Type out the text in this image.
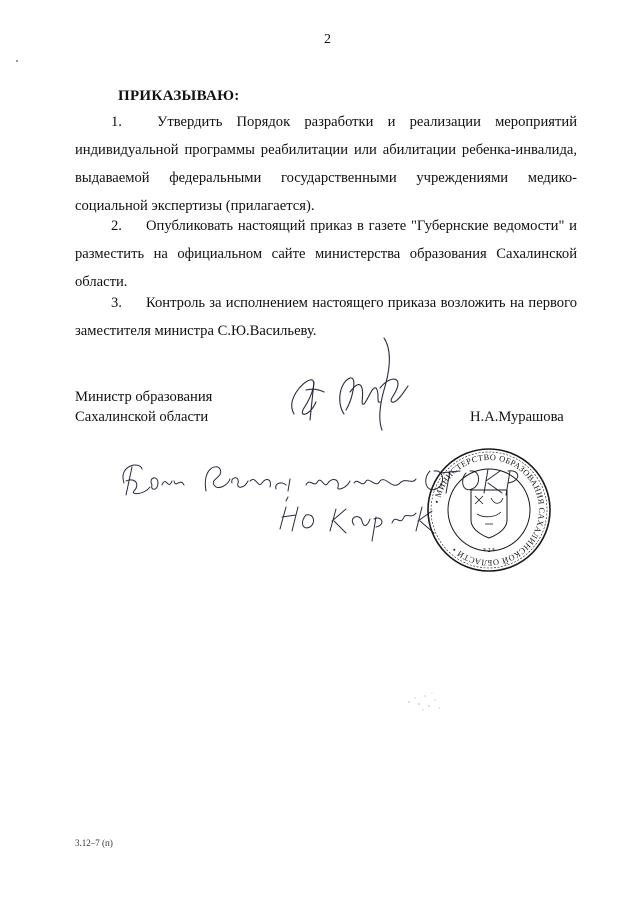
2
ПРИКАЗЫВАЮ:
1. Утвердить Порядок разработки и реализации мероприятий индивидуальной программы реабилитации или абилитации ребенка-инвалида, выдаваемой федеральными государственными учреждениями медико-социальной экспертизы (прилагается).
2. Опубликовать настоящий приказ в газете "Губернские ведомости" и разместить на официальном сайте министерства образования Сахалинской области.
3. Контроль за исполнением настоящего приказа возложить на первого заместителя министра С.Ю.Васильеву.
Министр образования
Сахалинской области	Н.А.Мурашова
• МИНИСТЕРСТВО ОБРАЗОВАНИЯ САХАЛИНСКОЙ ОБЛАСТИ •	* 2 *
3.12–7 (п)
